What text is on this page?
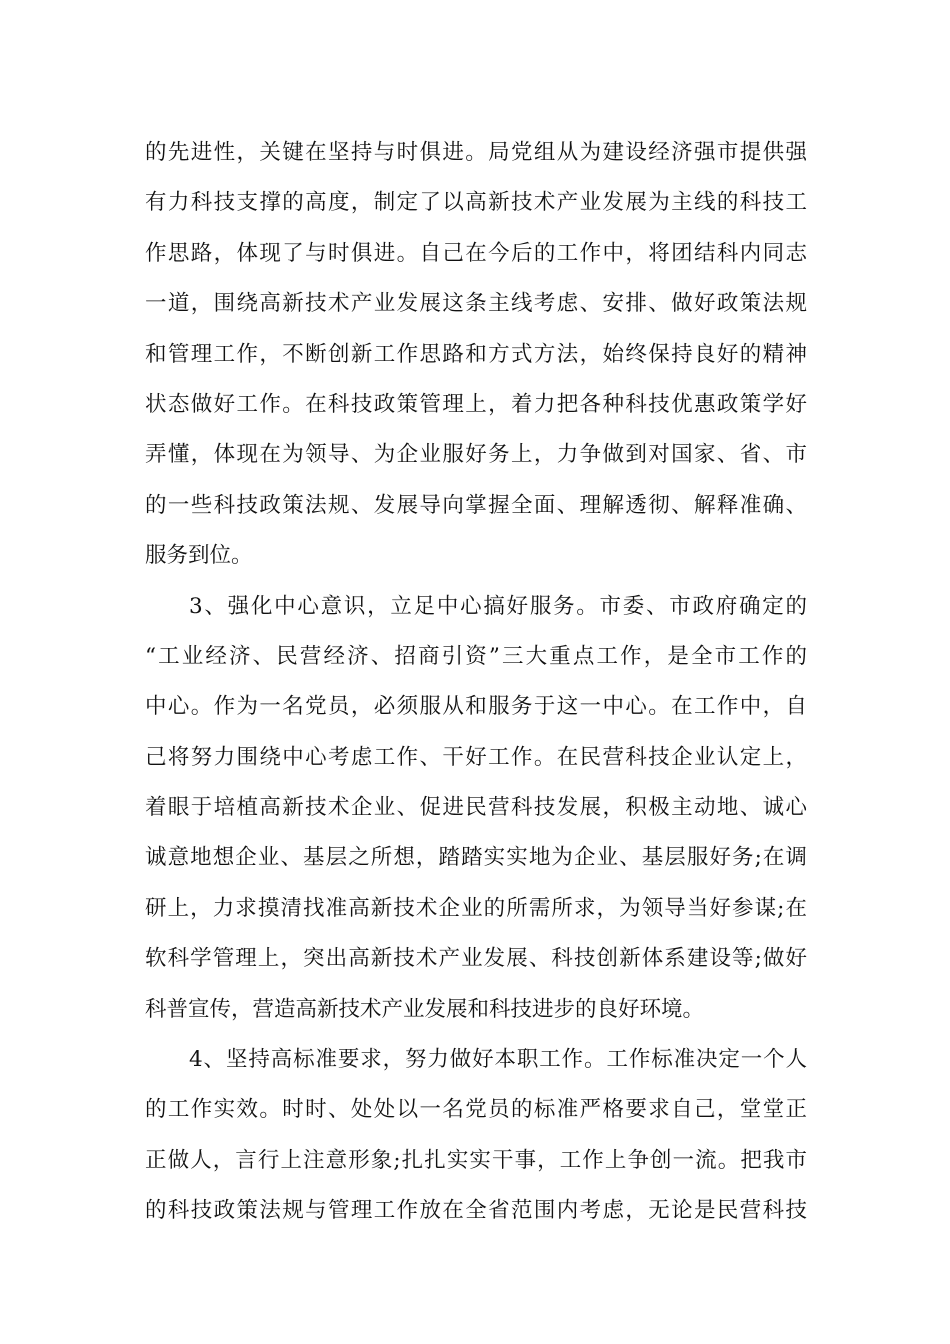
的先进性，关键在坚持与时俱进。局党组从为建设经济强市提供强
有力科技支撑的高度，制定了以高新技术产业发展为主线的科技工
作思路，体现了与时俱进。自己在今后的工作中，将团结科内同志
一道，围绕高新技术产业发展这条主线考虑、安排、做好政策法规
和管理工作，不断创新工作思路和方式方法，始终保持良好的精神
状态做好工作。在科技政策管理上，着力把各种科技优惠政策学好
弄懂，体现在为领导、为企业服好务上，力争做到对国家、省、市
的一些科技政策法规、发展导向掌握全面、理解透彻、解释准确、
服务到位。
3、强化中心意识，立足中心搞好服务。市委、市政府确定的
“工业经济、民营经济、招商引资”三大重点工作，是全市工作的
中心。作为一名党员，必须服从和服务于这一中心。在工作中，自
己将努力围绕中心考虑工作、干好工作。在民营科技企业认定上，
着眼于培植高新技术企业、促进民营科技发展，积极主动地、诚心
诚意地想企业、基层之所想，踏踏实实地为企业、基层服好务;在调
研上，力求摸清找准高新技术企业的所需所求，为领导当好参谋;在
软科学管理上，突出高新技术产业发展、科技创新体系建设等;做好
科普宣传，营造高新技术产业发展和科技进步的良好环境。
4、坚持高标准要求，努力做好本职工作。工作标准决定一个人
的工作实效。时时、处处以一名党员的标准严格要求自己，堂堂正
正做人，言行上注意形象;扎扎实实干事，工作上争创一流。把我市
的科技政策法规与管理工作放在全省范围内考虑，无论是民营科技
